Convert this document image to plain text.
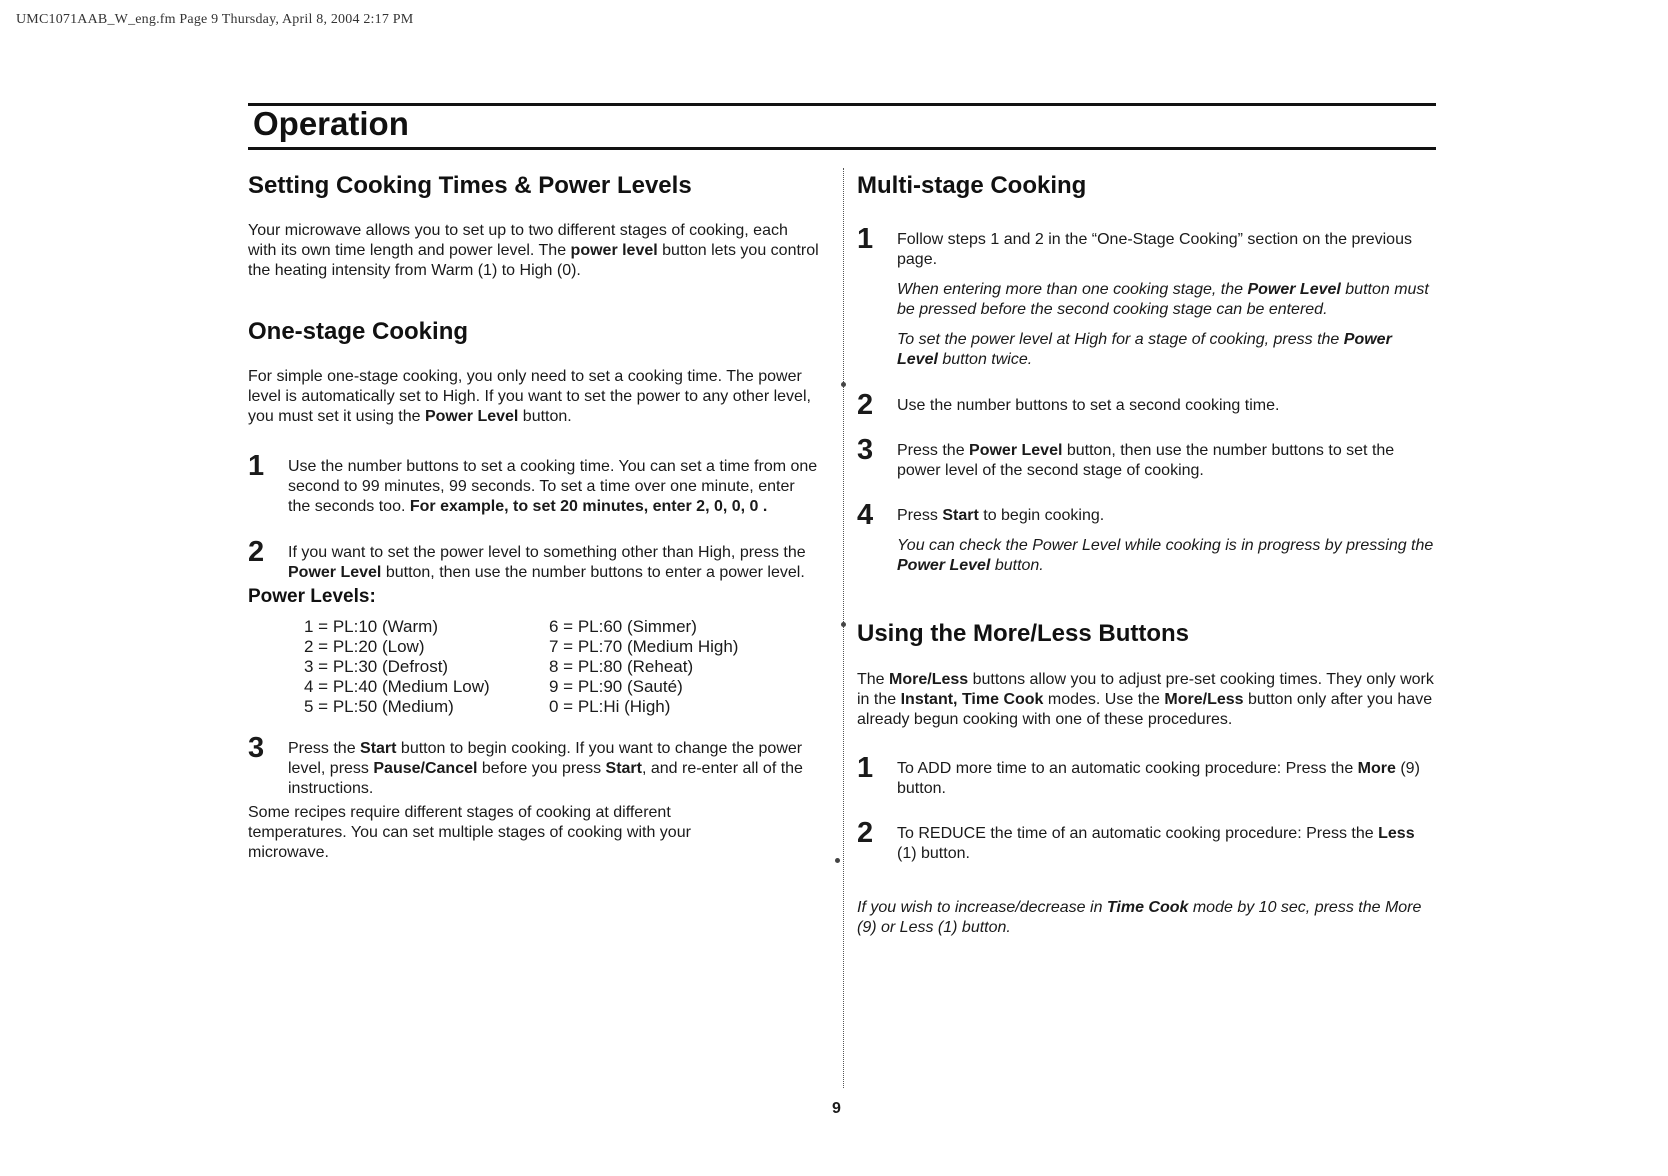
UMC1071AAB_W_eng.fm Page 9 Thursday, April 8, 2004 2:17 PM
Operation
Setting Cooking Times & Power Levels

Your microwave allows you to set up to two different stages of cooking, each with its own time length and power level. The power level button lets you control the heating intensity from Warm (1) to High (0).

One-stage Cooking

For simple one-stage cooking, you only need to set a cooking time. The power level is automatically set to High. If you want to set the power to any other level, you must set it using the Power Level button.

1 Use the number buttons to set a cooking time. You can set a time from one second to 99 minutes, 99 seconds. To set a time over one minute, enter the seconds too. For example, to set 20 minutes, enter 2, 0, 0, 0 .

2 If you want to set the power level to something other than High, press the Power Level button, then use the number buttons to enter a power level.

Power Levels:
1 = PL:10 (Warm)	6 = PL:60 (Simmer)
2 = PL:20 (Low)	7 = PL:70 (Medium High)
3 = PL:30 (Defrost)	8 = PL:80 (Reheat)
4 = PL:40 (Medium Low)	9 = PL:90 (Sauté)
5 = PL:50 (Medium)	0 = PL:Hi (High)
3 Press the Start button to begin cooking. If you want to change the power level, press Pause/Cancel before you press Start, and re-enter all of the instructions.

Some recipes require different stages of cooking at different temperatures. You can set multiple stages of cooking with your microwave.

Multi-stage Cooking
1 Follow steps 1 and 2 in the “One-Stage Cooking” section on the previous page.

When entering more than one cooking stage, the Power Level button must be pressed before the second cooking stage can be entered.

To set the power level at High for a stage of cooking, press the Power Level button twice.

2 Use the number buttons to set a second cooking time.

3 Press the Power Level button, then use the number buttons to set the power level of the second stage of cooking.

4 Press Start to begin cooking.

You can check the Power Level while cooking is in progress by pressing the Power Level button.

Using the More/Less Buttons

The More/Less buttons allow you to adjust pre-set cooking times. They only work in the Instant, Time Cook modes. Use the More/Less button only after you have already begun cooking with one of these procedures.

1 To ADD more time to an automatic cooking procedure: Press the More (9) button.

2 To REDUCE the time of an automatic cooking procedure: Press the Less (1) button.

If you wish to increase/decrease in Time Cook mode by 10 sec, press the More (9) or Less (1) button.

9
